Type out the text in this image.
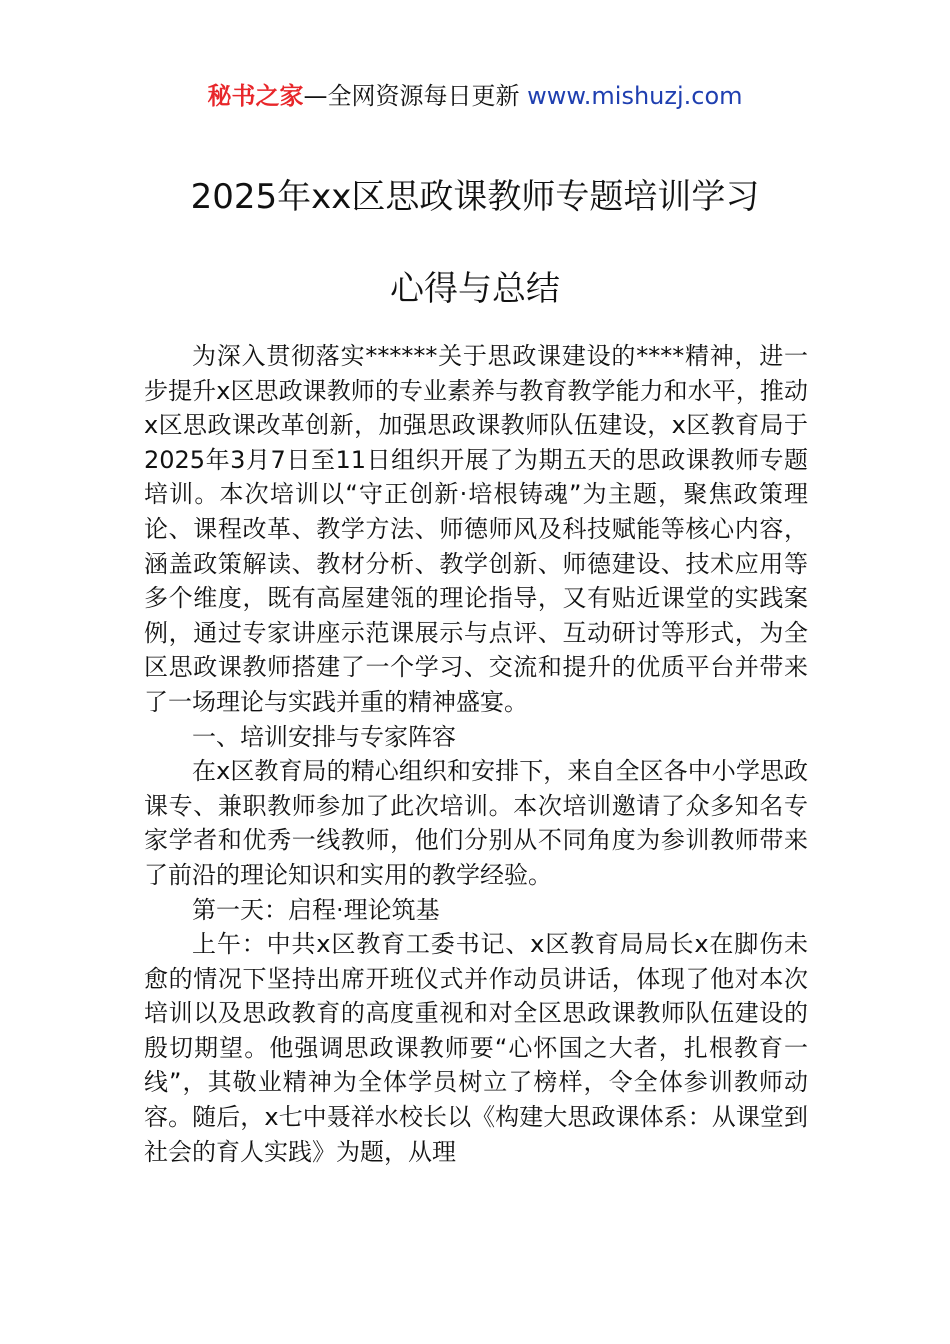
秘书之家—全网资源每日更新 www.mishuzj.com
2025年xx区思政课教师专题培训学习
心得与总结

为深入贯彻落实******关于思政课建设的****精神，进一步提升x区思政课教师的专业素养与教育教学能力和水平，推动x区思政课改革创新，加强思政课教师队伍建设，x区教育局于2025年3月7日至11日组织开展了为期五天的思政课教师专题培训。本次培训以“守正创新·培根铸魂”为主题，聚焦政策理论、课程改革、教学方法、师德师风及科技赋能等核心内容，涵盖政策解读、教材分析、教学创新、师德建设、技术应用等多个维度，既有高屋建瓴的理论指导，又有贴近课堂的实践案例，通过专家讲座示范课展示与点评、互动研讨等形式，为全区思政课教师搭建了一个学习、交流和提升的优质平台并带来了一场理论与实践并重的精神盛宴。

一、培训安排与专家阵容

在x区教育局的精心组织和安排下，来自全区各中小学思政课专、兼职教师参加了此次培训。本次培训邀请了众多知名专家学者和优秀一线教师，他们分别从不同角度为参训教师带来了前沿的理论知识和实用的教学经验。

第一天：启程·理论筑基

上午：中共x区教育工委书记、x区教育局局长x在脚伤未愈的情况下坚持出席开班仪式并作动员讲话，体现了他对本次培训以及思政教育的高度重视和对全区思政课教师队伍建设的殷切期望。他强调思政课教师要“心怀国之大者，扎根教育一线”，其敬业精神为全体学员树立了榜样，令全体参训教师动容。随后，x七中聂祥水校长以《构建大思政课体系：从课堂到社会的育人实践》为题，从理
